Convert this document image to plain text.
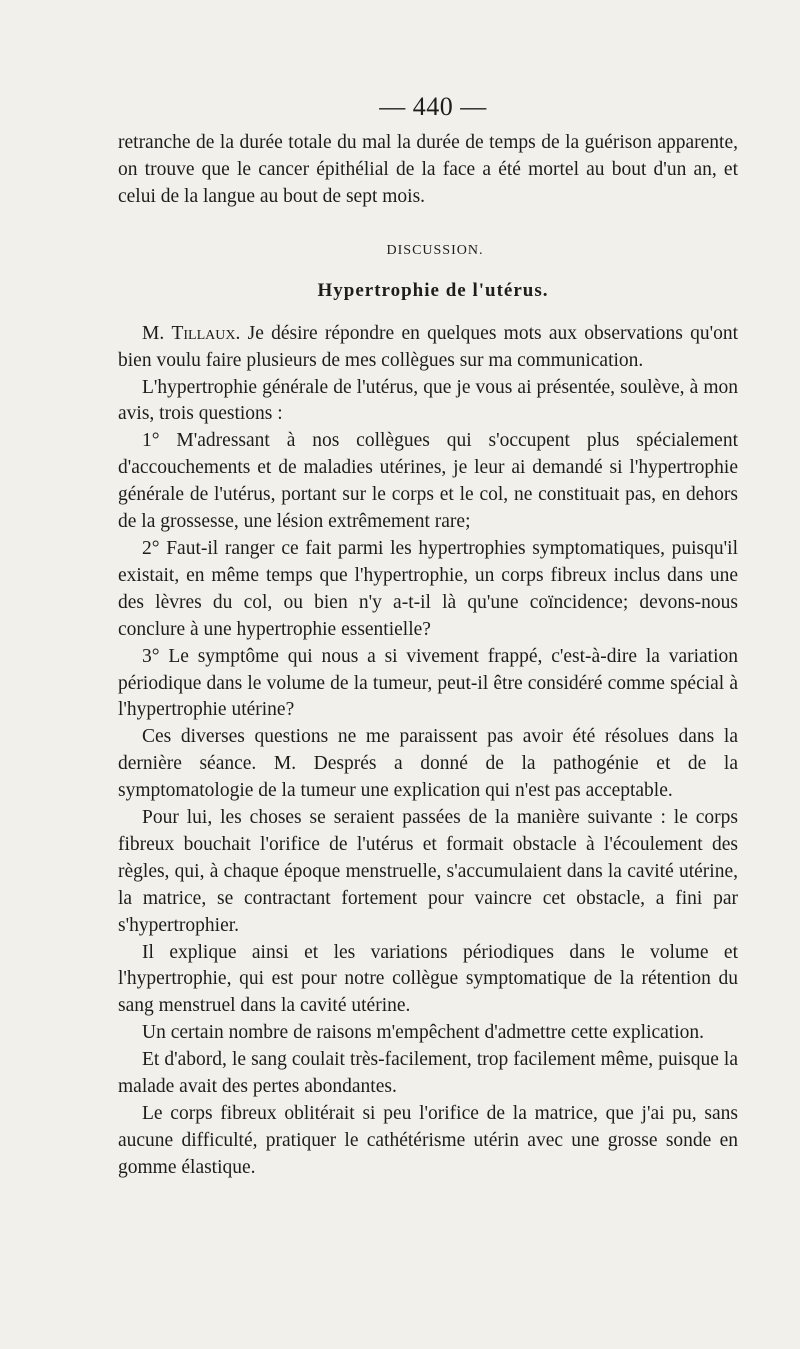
— 440 —

retranche de la durée totale du mal la durée de temps de la guérison apparente, on trouve que le cancer épithélial de la face a été mortel au bout d'un an, et celui de la langue au bout de sept mois.

DISCUSSION.
Hypertrophie de l'utérus.

M. Tillaux. Je désire répondre en quelques mots aux observations qu'ont bien voulu faire plusieurs de mes collègues sur ma communication.

L'hypertrophie générale de l'utérus, que je vous ai présentée, soulève, à mon avis, trois questions :

1° M'adressant à nos collègues qui s'occupent plus spécialement d'accouchements et de maladies utérines, je leur ai demandé si l'hypertrophie générale de l'utérus, portant sur le corps et le col, ne constituait pas, en dehors de la grossesse, une lésion extrêmement rare;

2° Faut-il ranger ce fait parmi les hypertrophies symptomatiques, puisqu'il existait, en même temps que l'hypertrophie, un corps fibreux inclus dans une des lèvres du col, ou bien n'y a-t-il là qu'une coïncidence; devons-nous conclure à une hypertrophie essentielle?

3° Le symptôme qui nous a si vivement frappé, c'est-à-dire la variation périodique dans le volume de la tumeur, peut-il être considéré comme spécial à l'hypertrophie utérine?

Ces diverses questions ne me paraissent pas avoir été résolues dans la dernière séance. M. Després a donné de la pathogénie et de la symptomatologie de la tumeur une explication qui n'est pas acceptable.

Pour lui, les choses se seraient passées de la manière suivante : le corps fibreux bouchait l'orifice de l'utérus et formait obstacle à l'écoulement des règles, qui, à chaque époque menstruelle, s'accumulaient dans la cavité utérine, la matrice, se contractant fortement pour vaincre cet obstacle, a fini par s'hypertrophier.

Il explique ainsi et les variations périodiques dans le volume et l'hypertrophie, qui est pour notre collègue symptomatique de la rétention du sang menstruel dans la cavité utérine.

Un certain nombre de raisons m'empêchent d'admettre cette explication.

Et d'abord, le sang coulait très-facilement, trop facilement même, puisque la malade avait des pertes abondantes.

Le corps fibreux oblitérait si peu l'orifice de la matrice, que j'ai pu, sans aucune difficulté, pratiquer le cathétérisme utérin avec une grosse sonde en gomme élastique.
